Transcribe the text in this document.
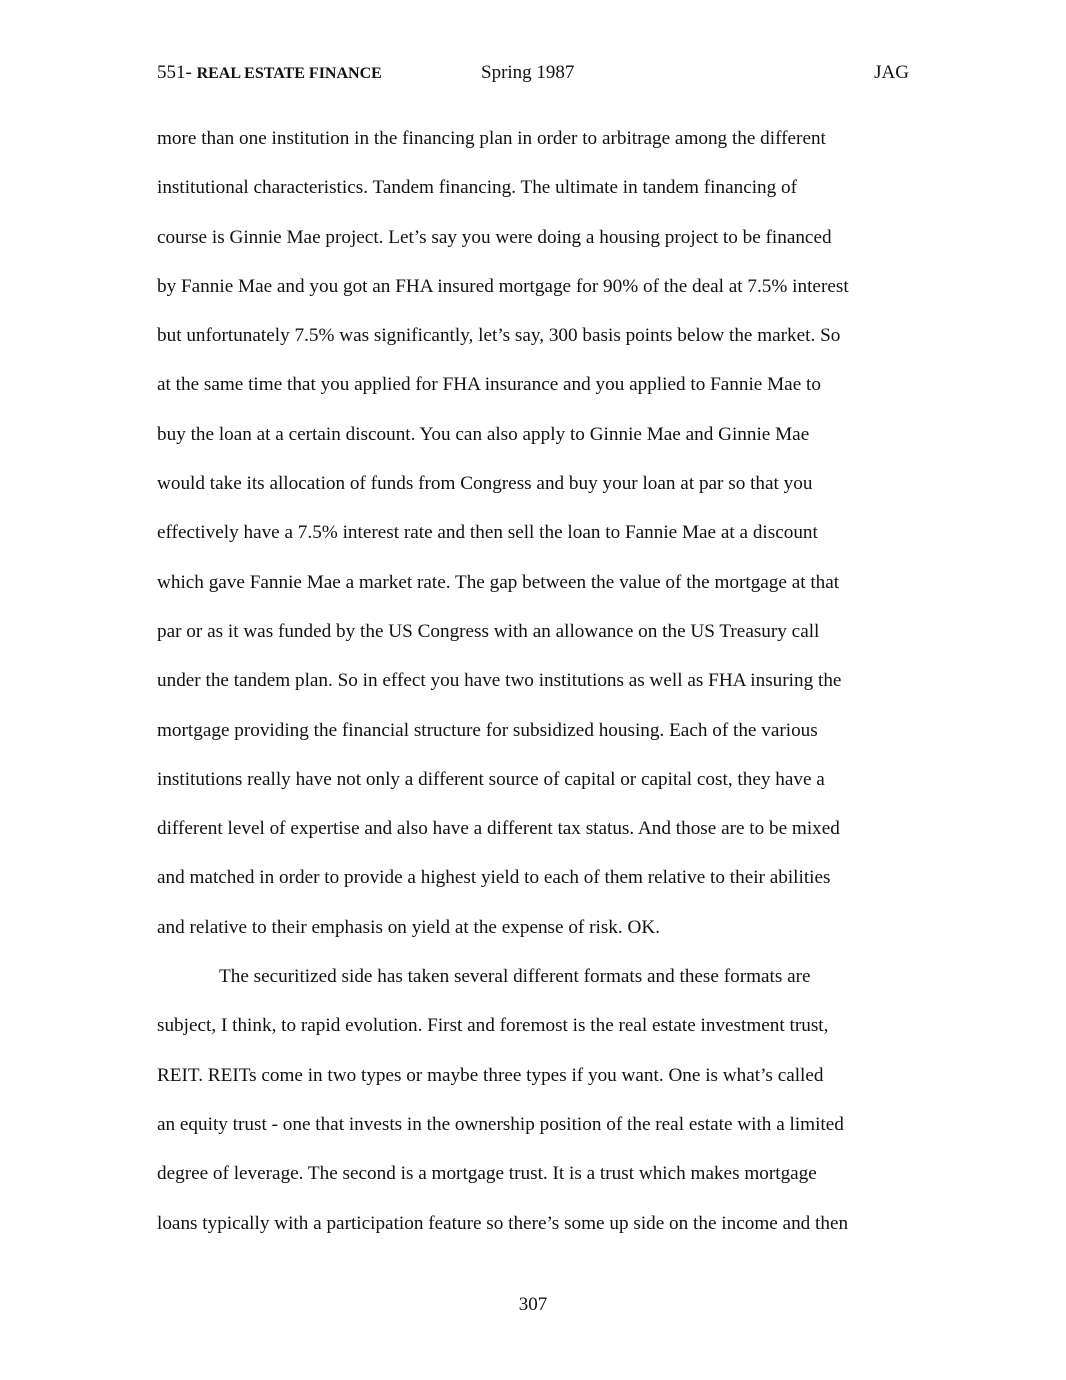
551- REAL ESTATE FINANCE	Spring 1987	JAG
more than one institution in the financing plan in order to arbitrage among the different
institutional characteristics. Tandem financing. The ultimate in tandem financing of
course is Ginnie Mae project. Let’s say you were doing a housing project to be financed
by Fannie Mae and you got an FHA insured mortgage for 90% of the deal at 7.5% interest
but unfortunately 7.5% was significantly, let’s say, 300 basis points below the market. So
at the same time that you applied for FHA insurance and you applied to Fannie Mae to
buy the loan at a certain discount. You can also apply to Ginnie Mae and Ginnie Mae
would take its allocation of funds from Congress and buy your loan at par so that you
effectively have a 7.5% interest rate and then sell the loan to Fannie Mae at a discount
which gave Fannie Mae a market rate. The gap between the value of the mortgage at that
par or as it was funded by the US Congress with an allowance on the US Treasury call
under the tandem plan. So in effect you have two institutions as well as FHA insuring the
mortgage providing the financial structure for subsidized housing. Each of the various
institutions really have not only a different source of capital or capital cost, they have a
different level of expertise and also have a different tax status. And those are to be mixed
and matched in order to provide a highest yield to each of them relative to their abilities
and relative to their emphasis on yield at the expense of risk. OK.
The securitized side has taken several different formats and these formats are
subject, I think, to rapid evolution. First and foremost is the real estate investment trust,
REIT. REITs come in two types or maybe three types if you want. One is what’s called
an equity trust - one that invests in the ownership position of the real estate with a limited
degree of leverage. The second is a mortgage trust. It is a trust which makes mortgage
loans typically with a participation feature so there’s some up side on the income and then
307
